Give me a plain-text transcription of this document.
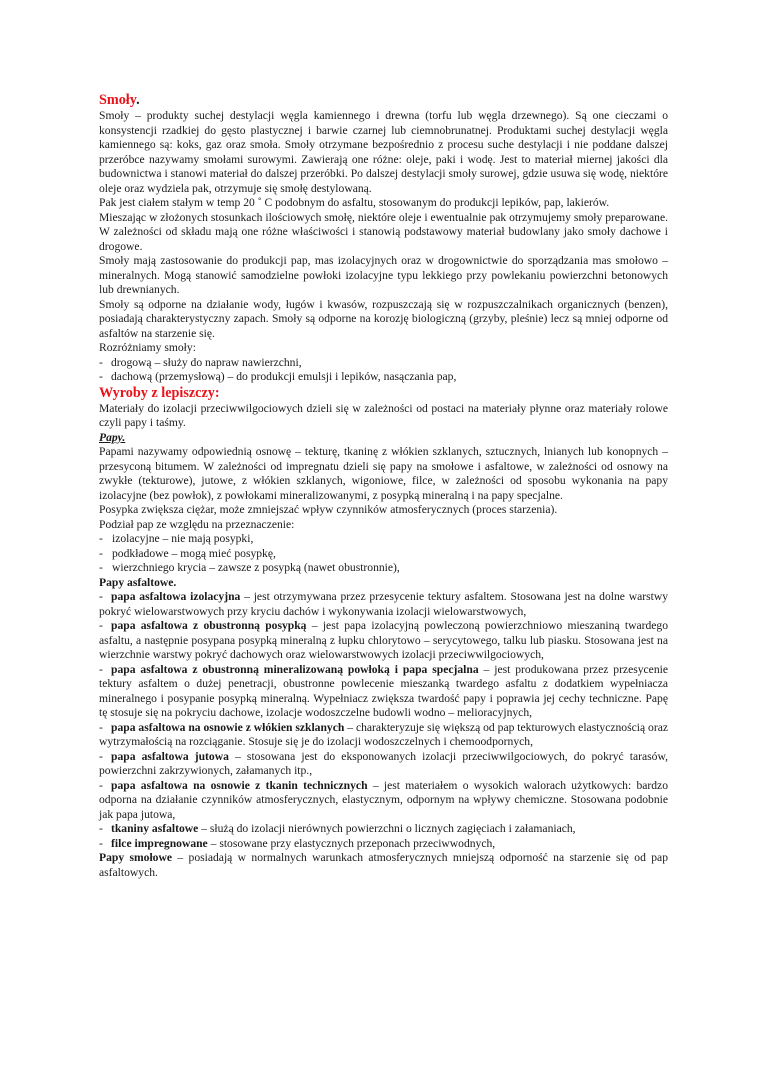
Smoły.

Smoły – produkty suchej destylacji węgla kamiennego i drewna (torfu lub węgla drzewnego). Są one cieczami o konsystencji rzadkiej do gęsto plastycznej i barwie czarnej lub ciemnobrunatnej. Produktami suchej destylacji węgla kamiennego są: koks, gaz oraz smoła. Smoły otrzymane bezpośrednio z procesu suche destylacji i nie poddane dalszej przeróbce nazywamy smołami surowymi. Zawierają one różne: oleje, paki i wodę. Jest to materiał miernej jakości dla budownictwa i stanowi materiał do dalszej przeróbki. Po dalszej destylacji smoły surowej, gdzie usuwa się wodę, niektóre oleje oraz wydziela pak, otrzymuje się smołę destylowaną.

Pak jest ciałem stałym w temp 20 ˚ C podobnym do asfaltu, stosowanym do produkcji lepików, pap, lakierów.

Mieszając w złożonych stosunkach ilościowych smołę, niektóre oleje i ewentualnie pak otrzymujemy smoły preparowane. W zależności od składu mają one różne właściwości i stanowią podstawowy materiał budowlany jako smoły dachowe i drogowe.

Smoły mają zastosowanie do produkcji pap, mas izolacyjnych oraz w drogownictwie do sporządzania mas smołowo – mineralnych. Mogą stanowić samodzielne powłoki izolacyjne typu lekkiego przy powlekaniu powierzchni betonowych lub drewnianych.

Smoły są odporne na działanie wody, ługów i kwasów, rozpuszczają się w rozpuszczalnikach organicznych (benzen), posiadają charakterystyczny zapach. Smoły są odporne na korozję biologiczną (grzyby, pleśnie) lecz są mniej odporne od asfaltów na starzenie się.

Rozróżniamy smoły:

- drogową – służy do napraw nawierzchni,
- dachową (przemysłową) – do produkcji emulsji i lepików, nasączania pap,
Wyroby z lepiszczy:

Materiały do izolacji przeciwwilgociowych dzieli się w zależności od postaci na materiały płynne oraz materiały rolowe czyli papy i taśmy.

Papy.

Papami nazywamy odpowiednią osnowę – tekturę, tkaninę z włókien szklanych, sztucznych, lnianych lub konopnych – przesyconą bitumem. W zależności od impregnatu dzieli się papy na smołowe i asfaltowe, w zależności od osnowy na zwykłe (tekturowe), jutowe, z włókien szklanych, wigoniowe, filce, w zależności od sposobu wykonania na papy izolacyjne (bez powłok), z powłokami mineralizowanymi, z posypką mineralną i na papy specjalne.

Posypka zwiększa ciężar, może zmniejszać wpływ czynników atmosferycznych (proces starzenia).

Podział pap ze względu na przeznaczenie:

- izolacyjne – nie mają posypki,
- podkładowe – mogą mieć posypkę,
- wierzchniego krycia – zawsze z posypką (nawet obustronnie),
Papy asfaltowe.
- papa asfaltowa izolacyjna – jest otrzymywana przez przesycenie tektury asfaltem. Stosowana jest na dolne warstwy pokryć wielowarstwowych przy kryciu dachów i wykonywania izolacji wielowarstwowych,
- papa asfaltowa z obustronną posypką – jest papa izolacyjną powleczoną powierzchniowo mieszaniną twardego asfaltu, a następnie posypana posypką mineralną z łupku chlorytowo – serycytowego, talku lub piasku. Stosowana jest na wierzchnie warstwy pokryć dachowych oraz wielowarstwowych izolacji przeciwwilgociowych,
- papa asfaltowa z obustronną mineralizowaną powłoką i papa specjalna – jest produkowana przez przesycenie tektury asfaltem o dużej penetracji, obustronne powlecenie mieszanką twardego asfaltu z dodatkiem wypełniacza mineralnego i posypanie posypką mineralną. Wypełniacz zwiększa twardość papy i poprawia jej cechy techniczne. Papę tę stosuje się na pokryciu dachowe, izolacje wodoszczelne budowli wodno – melioracyjnych,
- papa asfaltowa na osnowie z włókien szklanych – charakteryzuje się większą od pap tekturowych elastycznością oraz wytrzymałością na rozciąganie. Stosuje się je do izolacji wodoszczelnych i chemoodpornych,
- papa asfaltowa jutowa – stosowana jest do eksponowanych izolacji przeciwwilgociowych, do pokryć tarasów, powierzchni zakrzywionych, załamanych itp.,
- papa asfaltowa na osnowie z tkanin technicznych – jest materiałem o wysokich walorach użytkowych: bardzo odporna na działanie czynników atmosferycznych, elastycznym, odpornym na wpływy chemiczne. Stosowana podobnie jak papa jutowa,
- tkaniny asfaltowe – służą do izolacji nierównych powierzchni o licznych zagięciach i załamaniach,
- filce impregnowane – stosowane przy elastycznych przeponach przeciwwodnych,
Papy smołowe – posiadają w normalnych warunkach atmosferycznych mniejszą odporność na starzenie się od pap asfaltowych.
